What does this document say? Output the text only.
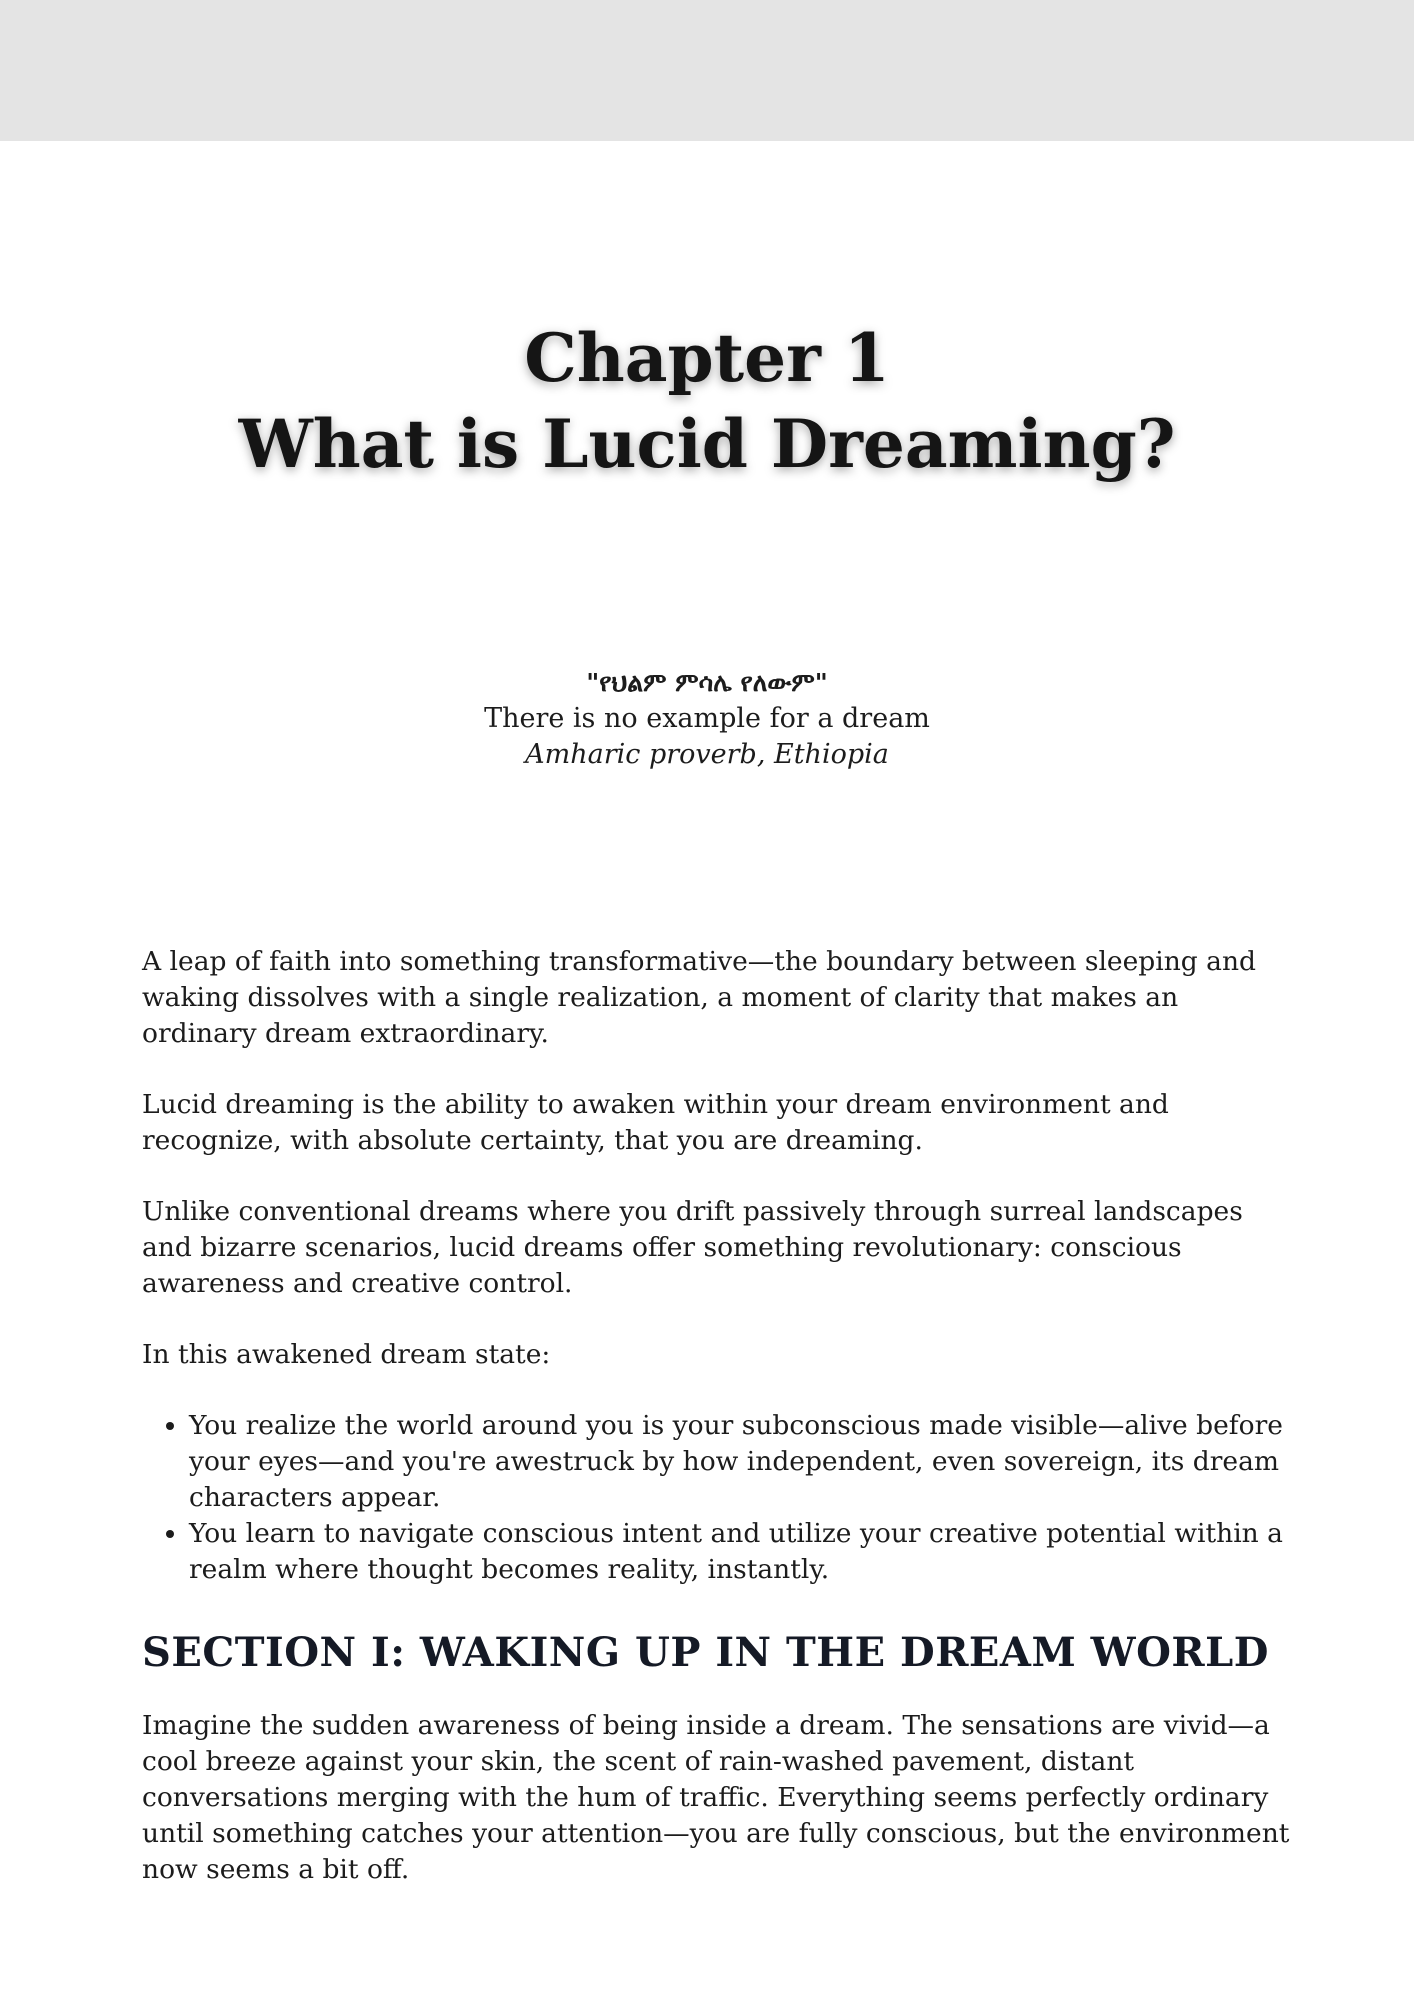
Chapter 1
What is Lucid Dreaming?
"የህልም ምሳሌ የለውም"
There is no example for a dream
Amharic proverb, Ethiopia

A leap of faith into something transformative—the boundary between sleeping and waking dissolves with a single realization, a moment of clarity that makes an ordinary dream extraordinary.

Lucid dreaming is the ability to awaken within your dream environment and recognize, with absolute certainty, that you are dreaming.

Unlike conventional dreams where you drift passively through surreal landscapes and bizarre scenarios, lucid dreams offer something revolutionary: conscious awareness and creative control.

In this awakened dream state:

• You realize the world around you is your subconscious made visible—alive before your eyes—and you're awestruck by how independent, even sovereign, its dream characters appear.
• You learn to navigate conscious intent and utilize your creative potential within a realm where thought becomes reality, instantly.
SECTION I: WAKING UP IN THE DREAM WORLD

Imagine the sudden awareness of being inside a dream. The sensations are vivid—a cool breeze against your skin, the scent of rain-washed pavement, distant conversations merging with the hum of traffic. Everything seems perfectly ordinary until something catches your attention—you are fully conscious, but the environment now seems a bit off.
